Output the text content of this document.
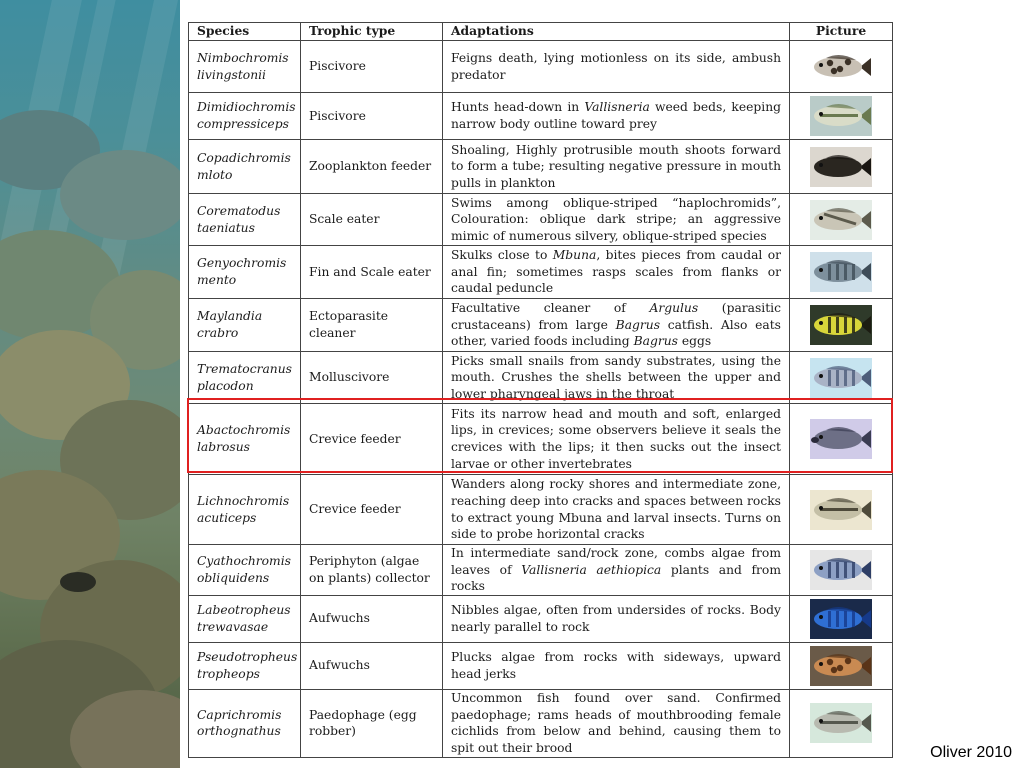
Species	Trophic type	Adaptations	Picture
Nimbochromis livingstonii	Piscivore	Feigns death, lying motionless on its side, ambush predator	

Dimidiochromis compressiceps	Piscivore	Hunts head-down in Vallisneria weed beds, keeping narrow body outline toward prey	

Copadichromis mloto	Zooplankton feeder	Shoaling, Highly protrusible mouth shoots forward to form a tube; resulting negative pressure in mouth pulls in plankton	

Corematodus taeniatus	Scale eater	Swims among oblique-striped “haplochromids”, Colouration: oblique dark stripe; an aggressive mimic of numerous silvery, oblique-striped species	

Genyochromis mento	Fin and Scale eater	Skulks close to Mbuna, bites pieces from caudal or anal fin; sometimes rasps scales from flanks or caudal peduncle	

Maylandia crabro	Ectoparasite cleaner	Facultative cleaner of Argulus (parasitic crustaceans) from large Bagrus catfish. Also eats other, varied foods including Bagrus eggs	

Trematocranus placodon	Molluscivore	Picks small snails from sandy substrates, using the mouth. Crushes the shells between the upper and lower pharyngeal jaws in the throat	

Abactochromis labrosus	Crevice feeder	Fits its narrow head and mouth and soft, enlarged lips, in crevices; some observers believe it seals the crevices with the lips; it then sucks out the insect larvae or other invertebrates	

Lichnochromis acuticeps	Crevice feeder	Wanders along rocky shores and intermediate zone, reaching deep into cracks and spaces between rocks to extract young Mbuna and larval insects. Turns on side to probe horizontal cracks	

Cyathochromis obliquidens	Periphyton (algae on plants) collector	In intermediate sand/rock zone, combs algae from leaves of Vallisneria aethiopica plants and from rocks	

Labeotropheus trewavasae	Aufwuchs	Nibbles algae, often from undersides of rocks. Body nearly parallel to rock	

Pseudotropheus tropheops	Aufwuchs	Plucks algae from rocks with sideways, upward head jerks	

Caprichromis orthognathus	Paedophage (egg robber)	Uncommon fish found over sand. Confirmed paedophage; rams heads of mouthbrooding female cichlids from below and behind, causing them to spit out their brood		Oliver 2010
